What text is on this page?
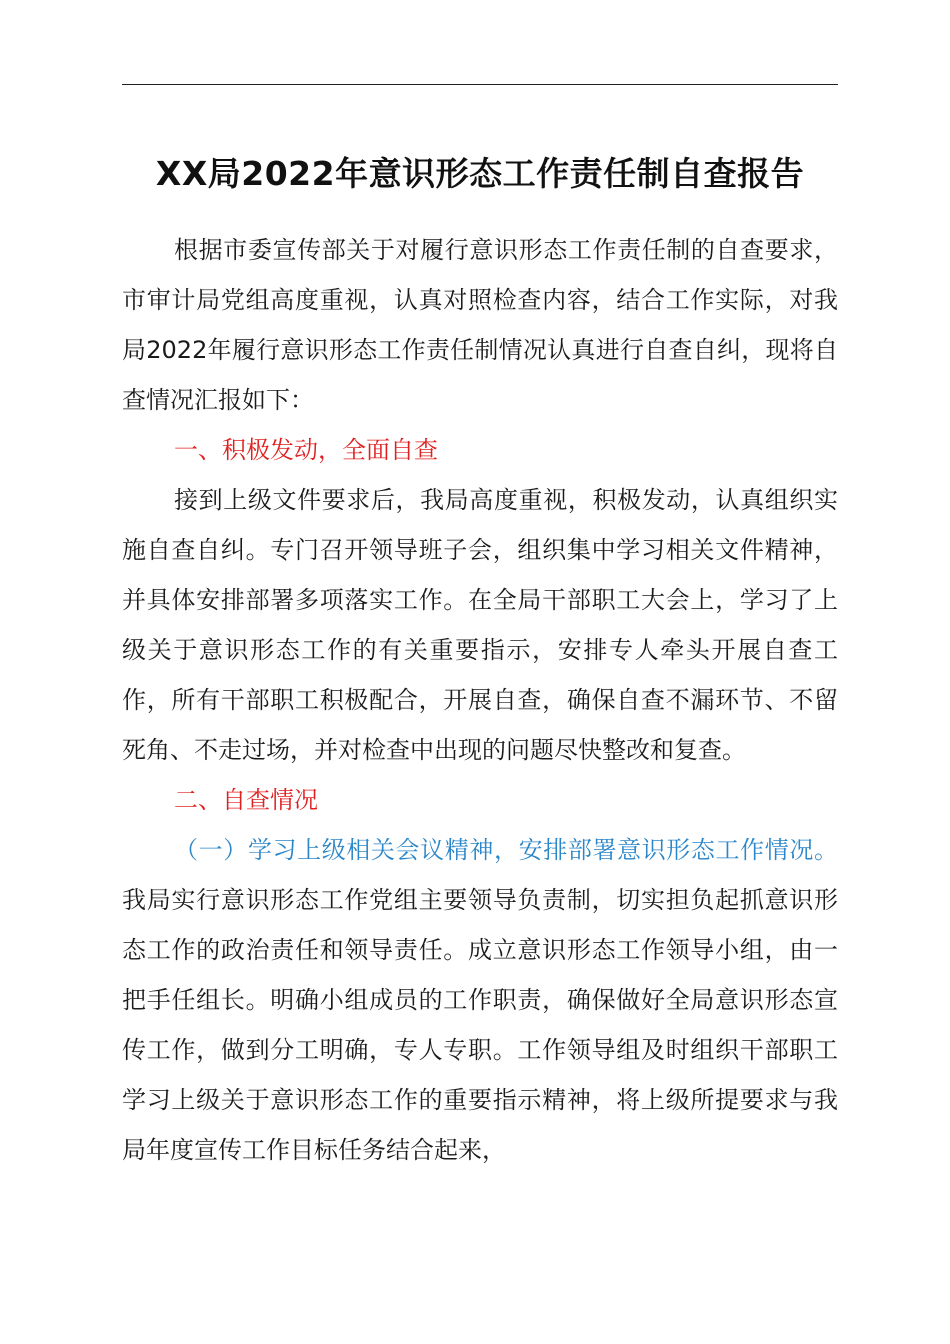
XX局2022年意识形态工作责任制自查报告

根据市委宣传部关于对履行意识形态工作责任制的自查要求，市审计局党组高度重视，认真对照检查内容，结合工作实际，对我局2022年履行意识形态工作责任制情况认真进行自查自纠，现将自查情况汇报如下：

一、积极发动，全面自查

接到上级文件要求后，我局高度重视，积极发动，认真组织实施自查自纠。专门召开领导班子会，组织集中学习相关文件精神，并具体安排部署多项落实工作。在全局干部职工大会上，学习了上级关于意识形态工作的有关重要指示，安排专人牵头开展自查工作，所有干部职工积极配合，开展自查，确保自查不漏环节、不留死角、不走过场，并对检查中出现的问题尽快整改和复查。

二、自查情况

（一）学习上级相关会议精神，安排部署意识形态工作情况。我局实行意识形态工作党组主要领导负责制，切实担负起抓意识形态工作的政治责任和领导责任。成立意识形态工作领导小组，由一把手任组长。明确小组成员的工作职责，确保做好全局意识形态宣传工作，做到分工明确，专人专职。工作领导组及时组织干部职工学习上级关于意识形态工作的重要指示精神，将上级所提要求与我局年度宣传工作目标任务结合起来，
